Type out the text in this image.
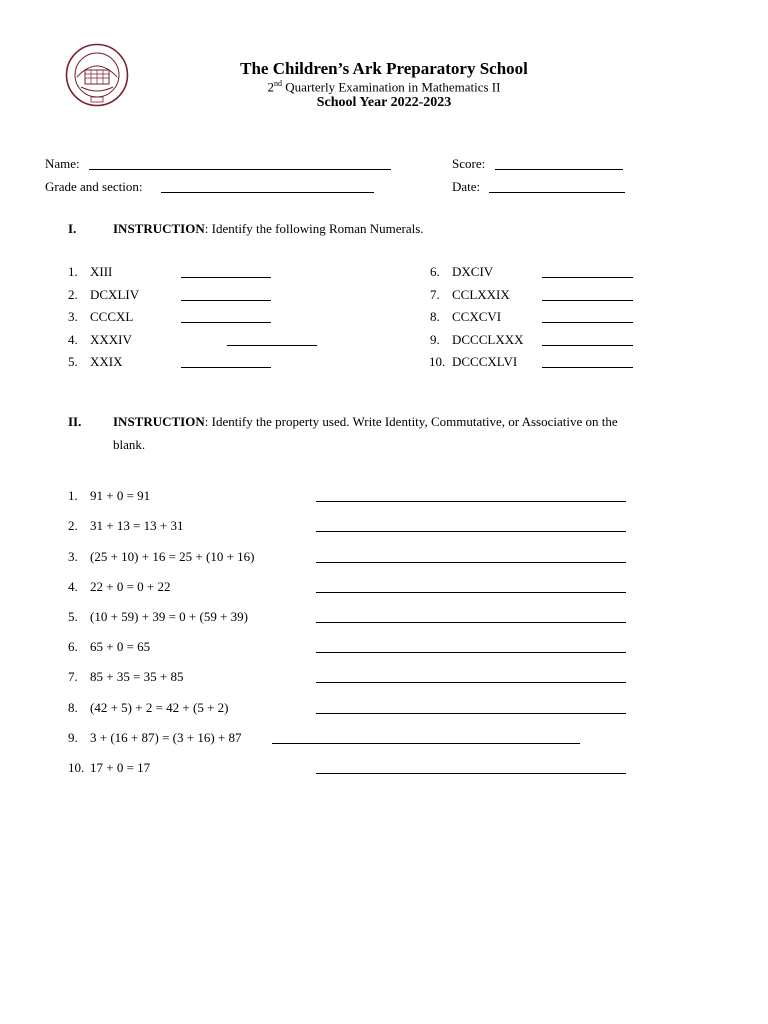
The Children’s Ark Preparatory School
2nd Quarterly Examination in Mathematics II
School Year 2022-2023
Name:	Score:
Grade and section:	Date:
I.	INSTRUCTION: Identify the following Roman Numerals.
1. XIII
2. DCXLIV
3. CCCXL
4. XXXIV
5. XXIX
6. DXCIV
7. CCLXXIX
8. CCXCVI
9. DCCCLXXX
10. DCCCXLVI
II. INSTRUCTION: Identify the property used. Write Identity, Commutative, or Associative on the
blank.
1. 91 + 0 = 91
2. 31 + 13 = 13 + 31
3. (25 + 10) + 16 = 25 + (10 + 16)
4. 22 + 0 = 0 + 22
5. (10 + 59) + 39 = 0 + (59 + 39)
6. 65 + 0 = 65
7. 85 + 35 = 35 + 85
8. (42 + 5) + 2 = 42 + (5 + 2)
9. 3 + (16 + 87) = (3 + 16) + 87
10. 17 + 0 = 17
